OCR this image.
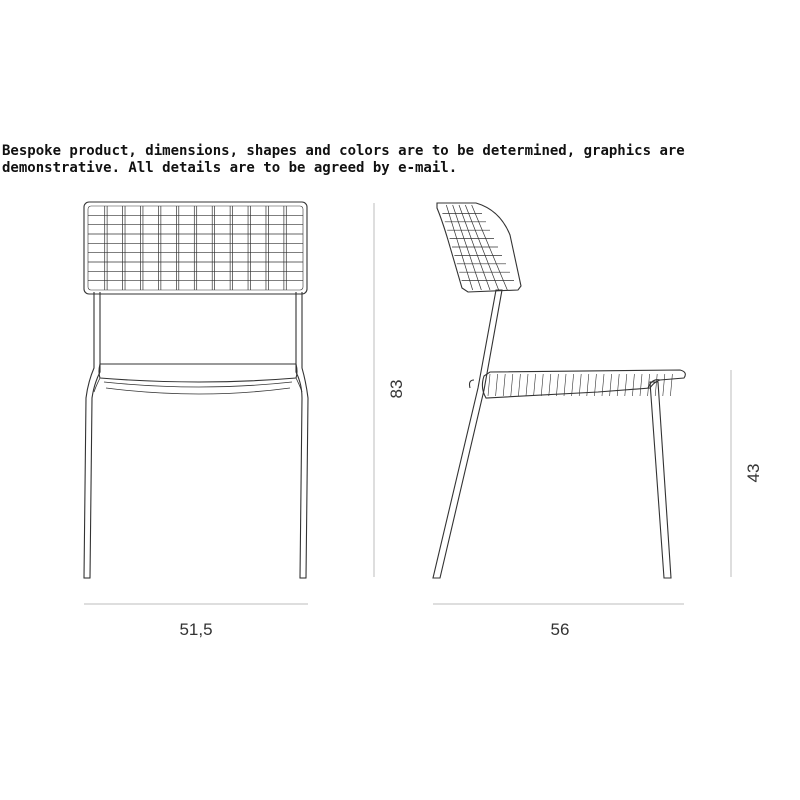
Bespoke product, dimensions, shapes and colors are to be determined, graphics are demonstrative. All details are to be agreed by e-mail.

51,5
83
56
43
